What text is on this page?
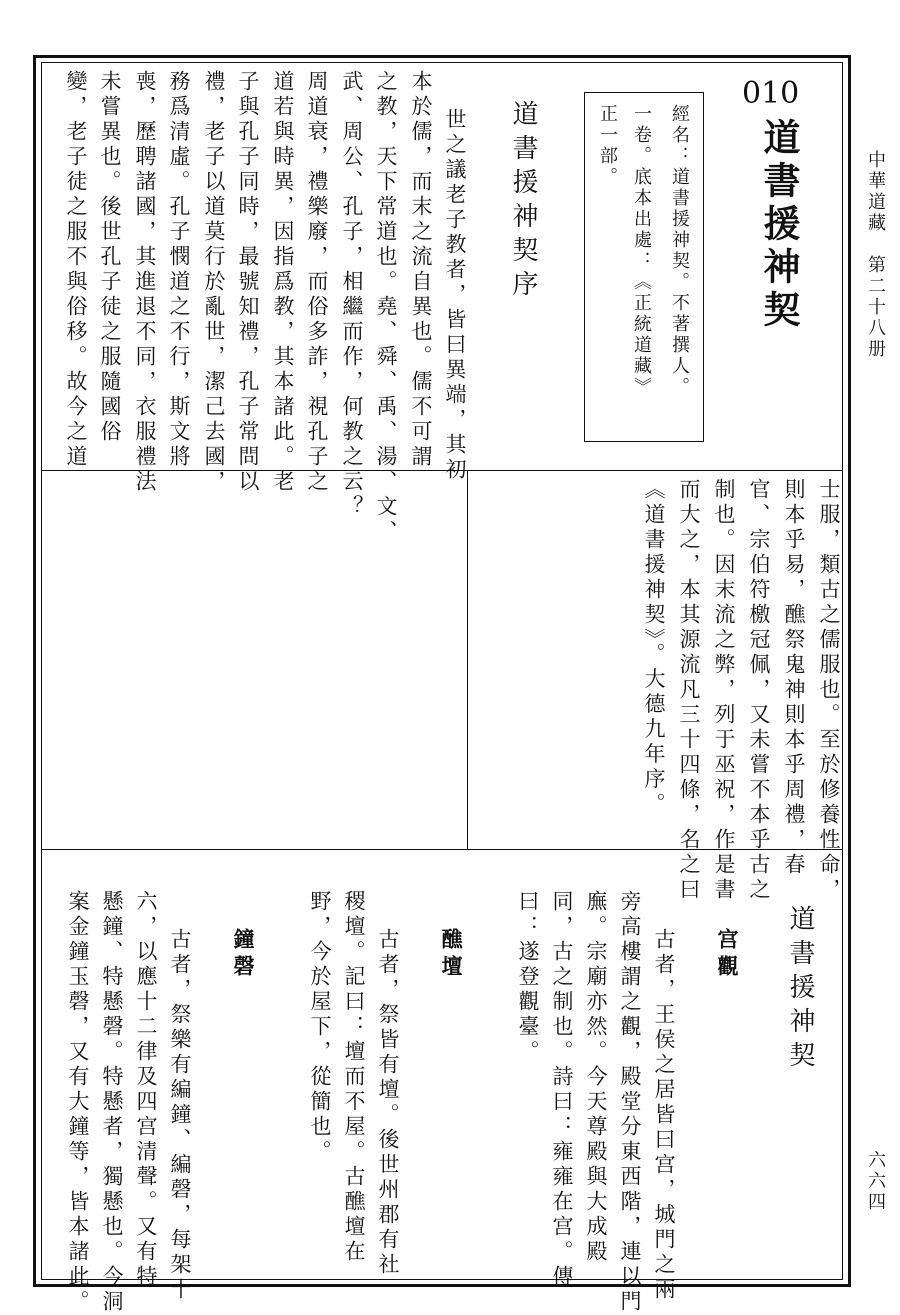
中華道藏　第二十八册
六六四
010
道書援神契
經名：道書援神契。不著撰人。
一卷。底本出處：《正統道藏》
正一部。
道書援神契序
世之議老子教者，皆曰異端，其初
本於儒，而末之流自異也。儒不可謂
之教，天下常道也。堯、舜、禹、湯、文、
武、周公、孔子，相繼而作，何教之云？
周道衰，禮樂廢，而俗多詐，視孔子之
道若與時異，因指爲教，其本諸此。老
子與孔子同時，最號知禮，孔子常問以
禮，老子以道莫行於亂世，潔己去國，
務爲清虛。孔子憫道之不行，斯文將
喪，歷聘諸國，其進退不同，衣服禮法
未嘗異也。後世孔子徒之服隨國俗
變，老子徒之服不與俗移。故今之道
士服，類古之儒服也。至於修養性命，
則本乎易，醮祭鬼神則本乎周禮，春
官、宗伯符檄冠佩，又未嘗不本乎古之
制也。因末流之弊，列于巫祝，作是書
而大之，本其源流凡三十四條，名之曰
《道書援神契》。大德九年序。
道書援神契
宫觀
古者，王侯之居皆曰宫，城門之兩
旁高樓謂之觀，殿堂分東西階，連以門
廡。宗廟亦然。今天尊殿與大成殿
同，古之制也。詩曰：雍雍在宫。傳
曰：遂登觀臺。
醮壇
古者，祭皆有壇。後世州郡有社
稷壇。記曰：壇而不屋。古醮壇在
野，今於屋下，從簡也。
鐘磬
古者，祭樂有編鐘、編磬，每架十
六，以應十二律及四宫清聲。又有特
懸鐘、特懸磬。特懸者，獨懸也。今洞
案金鐘玉磬，又有大鐘等，皆本諸此。
